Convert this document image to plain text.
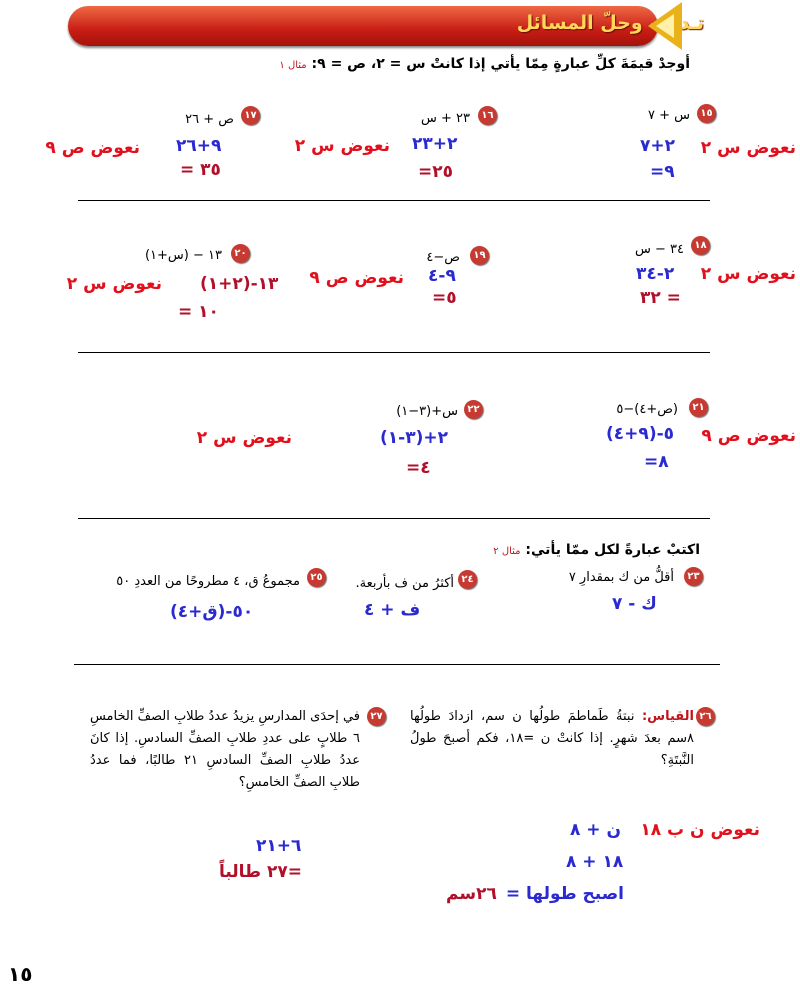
تـدرّب وحلّ المسائل
أوجدْ قيمَةَ كلِّ عبارةٍ مِمّا يأتي إذا كانتْ س = ٢، ص = ٩: مثال ١
١٥
س + ٧
نعوض س ٢
٢+٧
=٩
١٦
٢٣ + س
نعوض س ٢ ٢+٢٣
=٢٥
١٧
ص + ٢٦
نعوض ص ٩ ٩+٢٦
= ٣٥
١٨
٣٤ − س
نعوض س ٢
٢-٣٤
٣٢ =
١٩
ص−٤
نعوض ص ٩ ٩-٤
=٥
٢٠
١٣ − (س+١)
نعوض س ٢ ١٣-(٢+١)
= ١٠
٢١
(ص+٤)−٥
نعوض ص ٩
(٩+٤)-٥
=٨
٢٢
س+(٣−١)
نعوض س ٢	٢+(٣-١)
=٤
اكتبْ عبارةً لكل ممّا يأتي: مثال ٢
٢٣
أقلُّ من ك بمقدارِ ٧
ك - ٧
٢٤
أكثرُ من ف بأربعة.
ف + ٤
٢٥
مجموعُ ق، ٤ مطروحًا من العددِ ٥٠
٥٠-(ق+٤)
٢٦
القياس: نبتةُ طَماطمَ طولُها ن سم، ازدادَ طولُها ٨سم بعدَ شهرٍ. إذا كانتْ ن =١٨، فكم أصبحَ طولُ النَّبتَةِ؟
نعوض ن ب ١٨
ن + ٨
١٨ + ٨
اصبح طولها =
٢٦سم
٢٧
في إحدَى المدارسِ يزيدُ عددُ طلابِ الصفِّ الخامسِ ٦ طلابٍ على عددِ طلابِ الصفِّ السادسِ. إذا كانَ عددُ طلابِ الصفِّ السادسِ ٢١ طالبًا، فما عددُ طلابِ الصفِّ الخامسِ؟
٦+٢١
=٢٧ طالباً
١٥
